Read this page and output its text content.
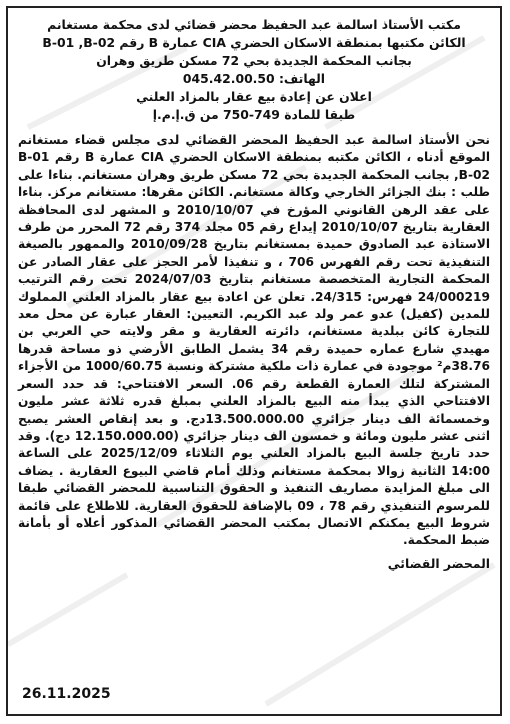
مكتب الأستاذ اسالمة عبد الحفيظ محضر قضائي لدى محكمة مستغانم
الكائن مكتبها بمنطقة الاسكان الحضري CIA عمارة B رقم B-01 ,B-02
بجانب المحكمة الجديدة بحي 72 مسكن طريق وهران
الهاتف: 045.42.00.50
اعلان عن إعادة بيع عقار بالمزاد العلني
طبقا للمادة 749-750 من ق.إ.م.إ

نحن الأستاذ اسالمة عبد الحفيظ المحضر القضائي لدى مجلس قضاء مستغانم الموقع أدناه ، الكائن مكتبه بمنطقة الاسكان الحضري CIA عمارة B رقم B-01 ,B-02 بجانب المحكمة الجديدة بحي 72 مسكن طريق وهران مستغانم. بناءا على طلب : بنك الجزائر الخارجي وكالة مستغانم. الكائن مقرها: مستغانم مركز. بناءا على عقد الرهن القانوني المؤرخ في 2010/10/07 و المشهر لدى المحافظة العقارية بتاريخ 2010/10/07 إيداع رقم 05 مجلد 374 رقم 72 المحرر من طرف الاستاذة عبد الصادوق حميدة بمستغانم بتاريخ 2010/09/28 والممهور بالصيغة التنفيذية تحت رقم الفهرس 706 ، و تنفيذا لأمر الحجز على عقار الصادر عن المحكمة التجارية المتخصصة مستغانم بتاريخ 2024/07/03 تحت رقم الترتيب 24/000219 فهرس: 24/315. تعلن عن اعادة بيع عقار بالمزاد العلني المملوك للمدين (كفيل) عدو عمر ولد عبد الكريم. التعيين: العقار عبارة عن محل معد للتجارة كائن ببلدية مستغانم، دائرته العقارية و مقر ولايته حي العربي بن مهيدي شارع عماره حميدة رقم 34 يشمل الطابق الأرضي ذو مساحة قدرها 38.76م² موجودة في عمارة ذات ملكية مشتركة ونسبة 1000/60.75 من الأجزاء المشتركة لتلك العمارة القطعة رقم 06. السعر الافتتاحي: قد حدد السعر الافتتاحي الذي يبدأ منه البيع بالمزاد العلني بمبلغ قدره ثلاثة عشر مليون وخمسمائة الف دينار جزائري 13.500.000.00دج. و بعد إنقاص العشر يصبح اثنى عشر مليون ومائة و خمسون الف دينار جزائري (12.150.000.00 دج). وقد حدد تاريخ جلسة البيع بالمزاد العلني يوم الثلاثاء 2025/12/09 على الساعة 14:00 الثانية زوالا بمحكمة مستغانم وذلك أمام قاضي البيوع العقارية . يضاف الى مبلغ المزايدة مصاريف التنفيذ و الحقوق التناسبية للمحضر القضائي طبقا للمرسوم التنفيذي رقم 78 ، 09 بالإضافة للحقوق العقارية. للاطلاع على قائمة شروط البيع يمكنكم الاتصال بمكتب المحضر القضائي المذكور أعلاه أو بأمانة ضبط المحكمة.

المحضر القضائي
26.11.2025
